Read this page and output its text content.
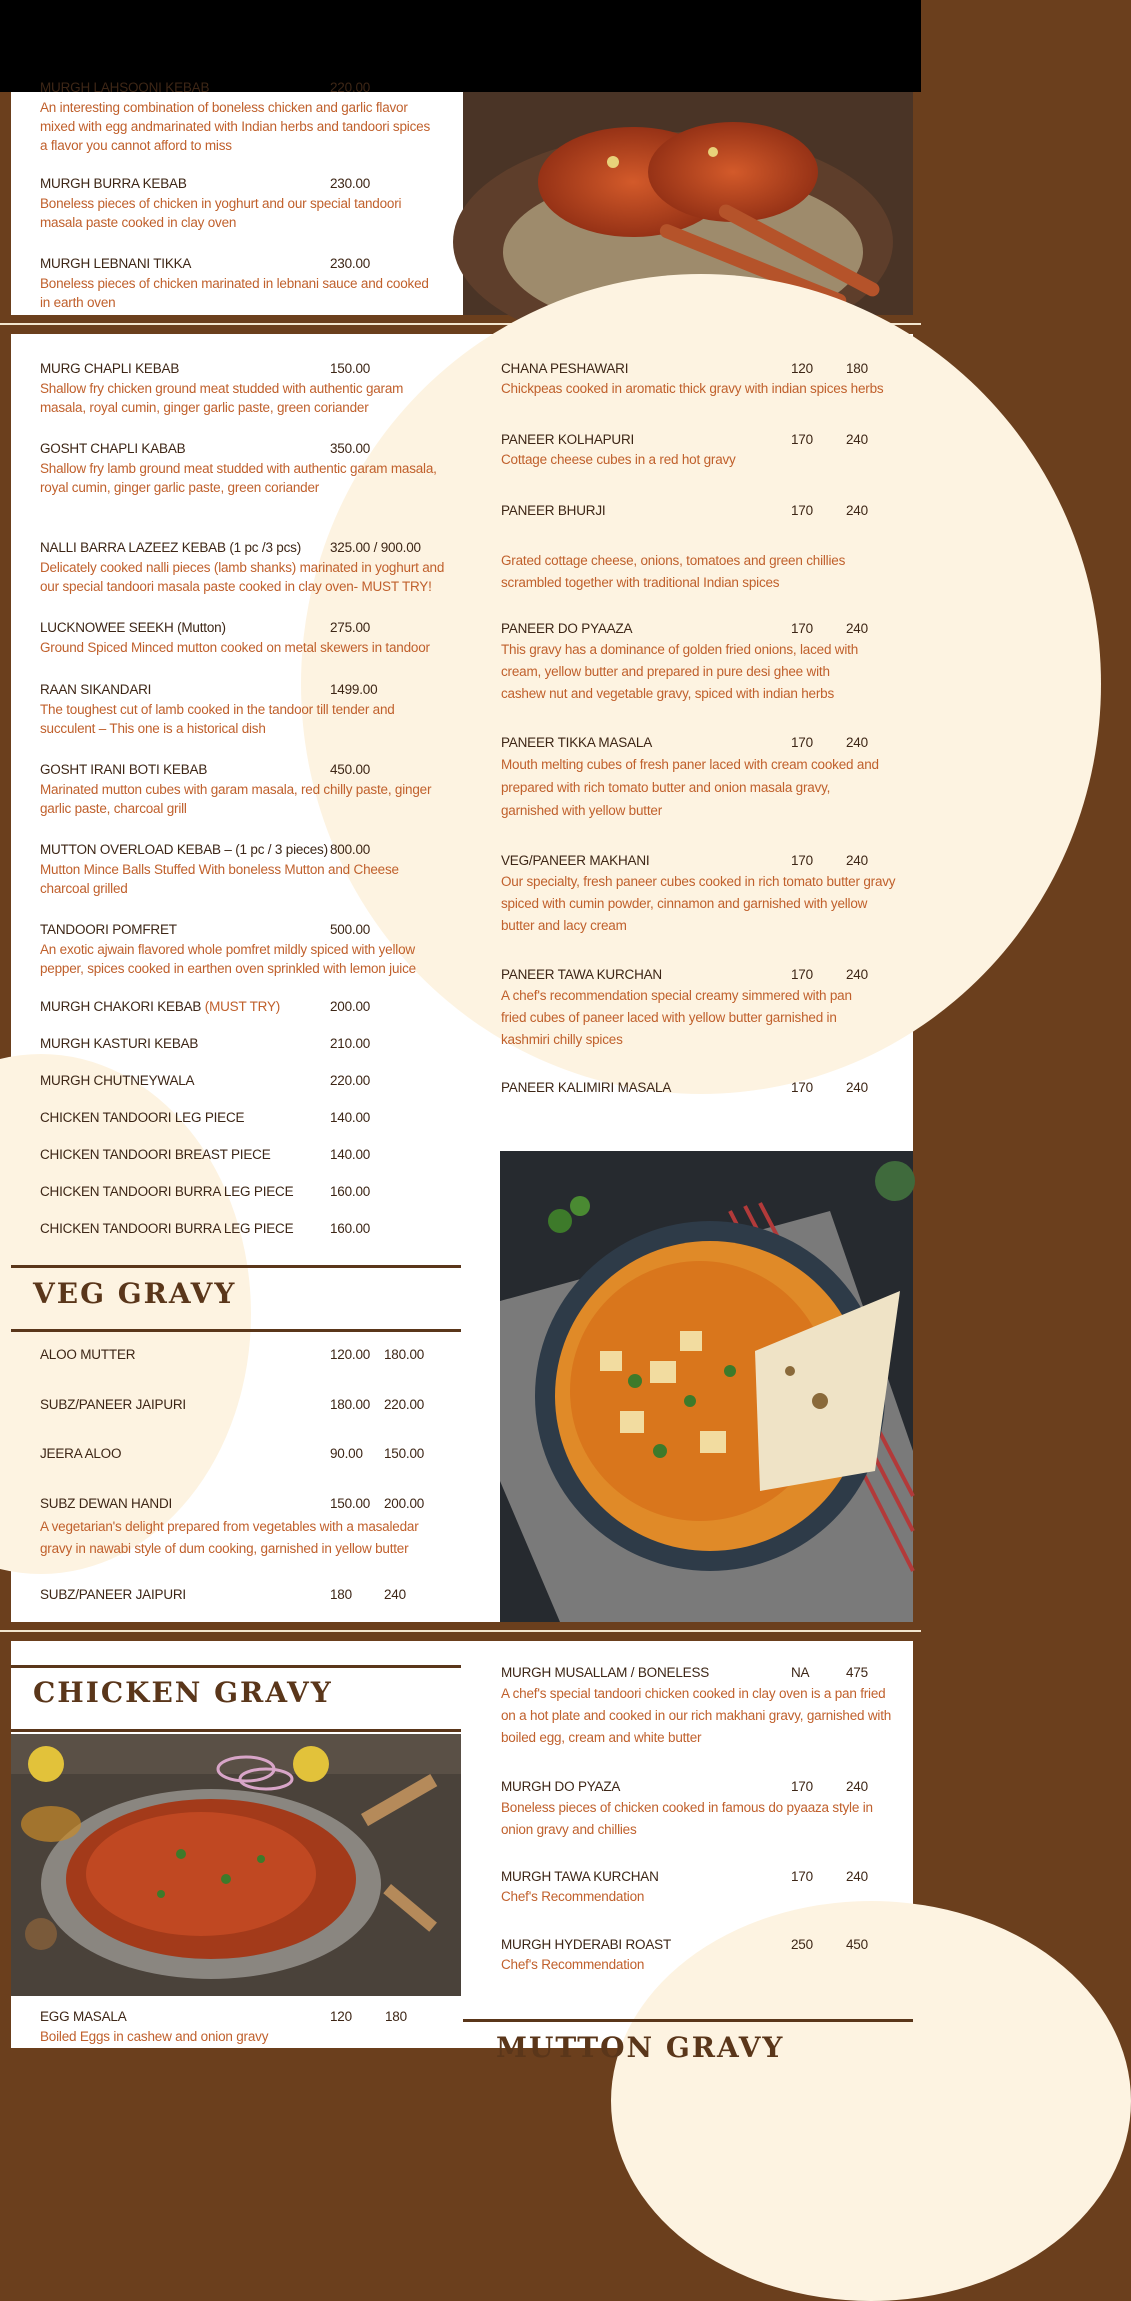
MURGH LAHSOONI KEBAB	220.00
An interesting combination of boneless chicken and garlic flavor mixed with egg andmarinated with Indian herbs and tandoori spices a flavor you cannot afford to miss
MURGH BURRA KEBAB	230.00
Boneless pieces of chicken in yoghurt and our special tandoori masala paste cooked in clay oven
MURGH LEBNANI TIKKA	230.00
Boneless pieces of chicken marinated in lebnani sauce and cooked in earth oven
MURG CHAPLI KEBAB	150.00
Shallow fry chicken ground meat studded with authentic garam masala, royal cumin, ginger garlic paste, green coriander
GOSHT CHAPLI KABAB	350.00
Shallow fry lamb ground meat studded with authentic garam masala, royal cumin, ginger garlic paste, green coriander
NALLI BARRA LAZEEZ KEBAB (1 pc /3 pcs) 325.00 / 900.00
Delicately cooked nalli pieces (lamb shanks) marinated in yoghurt and our special tandoori masala paste cooked in clay oven- MUST TRY!
LUCKNOWEE SEEKH (Mutton)	275.00
Ground Spiced Minced mutton cooked on metal skewers in tandoor
RAAN SIKANDARI	1499.00
The toughest cut of lamb cooked in the tandoor till tender and succulent – This one is a historical dish
GOSHT IRANI BOTI KEBAB	450.00
Marinated mutton cubes with garam masala, red chilly paste, ginger garlic paste, charcoal grill
MUTTON OVERLOAD KEBAB – (1 pc / 3 pieces) 800.00
Mutton Mince Balls Stuffed With boneless Mutton and Cheese charcoal grilled
TANDOORI POMFRET	500.00
An exotic ajwain flavored whole pomfret mildly spiced with yellow pepper, spices cooked in earthen oven sprinkled with lemon juice
MURGH CHAKORI KEBAB (MUST TRY)	200.00
MURGH KASTURI KEBAB	210.00
MURGH CHUTNEYWALA	220.00
CHICKEN TANDOORI LEG PIECE	140.00
CHICKEN TANDOORI BREAST PIECE	140.00
CHICKEN TANDOORI BURRA LEG PIECE	160.00
CHICKEN TANDOORI BURRA LEG PIECE	160.00
VEG GRAVY
ALOO MUTTER	120.00 180.00
SUBZ/PANEER JAIPURI	180.00 220.00
JEERA ALOO	90.00 150.00
SUBZ DEWAN HANDI	150.00 200.00
A vegetarian's delight prepared from vegetables with a masaledar gravy in nawabi style of dum cooking, garnished in yellow butter
SUBZ/PANEER JAIPURI	180 240
CHANA PESHAWARI	120 180
Chickpeas cooked in aromatic thick gravy with indian spices herbs
PANEER KOLHAPURI	170 240
Cottage cheese cubes in a red hot gravy
PANEER BHURJI	170 240
Grated cottage cheese, onions, tomatoes and green chillies scrambled together with traditional Indian spices
PANEER DO PYAAZA	170 240
This gravy has a dominance of golden fried onions, laced with cream, yellow butter and prepared in pure desi ghee with cashew nut and vegetable gravy, spiced with indian herbs
PANEER TIKKA MASALA	170 240
Mouth melting cubes of fresh paner laced with cream cooked and prepared with rich tomato butter and onion masala gravy, garnished with yellow butter
VEG/PANEER MAKHANI	170 240
Our specialty, fresh paneer cubes cooked in rich tomato butter gravy spiced with cumin powder, cinnamon and garnished with yellow butter and lacy cream
PANEER TAWA KURCHAN	170 240
A chef's recommendation special creamy simmered with pan fried cubes of paneer laced with yellow butter garnished in kashmiri chilly spices
PANEER KALIMIRI MASALA	170 240
CHICKEN GRAVY
EGG MASALA	120 180
Boiled Eggs in cashew and onion gravy
MURGH MUSALLAM / BONELESS	NA	475
A chef's special tandoori chicken cooked in clay oven is a pan fried on a hot plate and cooked in our rich makhani gravy, garnished with boiled egg, cream and white butter
MURGH DO PYAZA	170 240
Boneless pieces of chicken cooked in famous do pyaaza style in onion gravy and chillies
MURGH TAWA KURCHAN	170 240
Chef's Recommendation
MURGH HYDERABI ROAST	250 450
Chef's Recommendation
MUTTON GRAVY
